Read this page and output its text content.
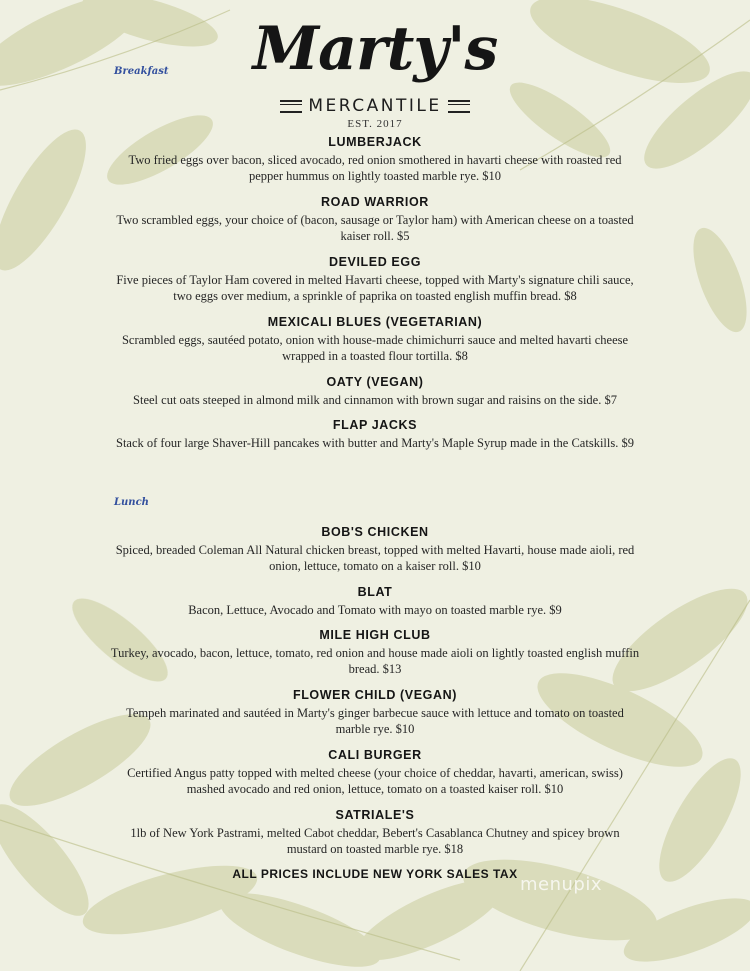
Marty's
MERCANTILE
EST. 2017
Breakfast
LUMBERJACK
Two fried eggs over bacon, sliced avocado, red onion smothered in havarti cheese with roasted red pepper hummus on lightly toasted marble rye. $10
ROAD WARRIOR
Two scrambled eggs, your choice of (bacon, sausage or Taylor ham) with American cheese on a toasted kaiser roll. $5
DEVILED EGG
Five pieces of Taylor Ham covered in melted Havarti cheese, topped with Marty's signature chili sauce, two eggs over medium, a sprinkle of paprika on toasted english muffin bread. $8
MEXICALI BLUES (VEGETARIAN)
Scrambled eggs, sautéed potato, onion with house-made chimichurri sauce and melted havarti cheese wrapped in a toasted flour tortilla. $8
OATY (VEGAN)
Steel cut oats steeped in almond milk and cinnamon with brown sugar and raisins on the side. $7
FLAP JACKS
Stack of four large Shaver-Hill pancakes with butter and Marty's Maple Syrup made in the Catskills. $9
Lunch
BOB'S CHICKEN
Spiced, breaded Coleman All Natural chicken breast, topped with melted Havarti, house made aioli, red onion, lettuce, tomato on a kaiser roll. $10
BLAT
Bacon, Lettuce, Avocado and Tomato with mayo on toasted marble rye. $9
MILE HIGH CLUB
Turkey, avocado, bacon, lettuce, tomato, red onion and house made aioli on lightly toasted english muffin bread. $13
FLOWER CHILD (VEGAN)
Tempeh marinated and sautéed in Marty's ginger barbecue sauce with lettuce and tomato on toasted marble rye. $10
CALI BURGER
Certified Angus patty topped with melted cheese (your choice of cheddar, havarti, american, swiss) mashed avocado and red onion, lettuce, tomato on a toasted kaiser roll. $10
SATRIALE'S
1lb of New York Pastrami, melted Cabot cheddar, Bebert's Casablanca Chutney and spicey brown mustard on toasted marble rye. $18
ALL PRICES INCLUDE NEW YORK SALES TAX menupix
